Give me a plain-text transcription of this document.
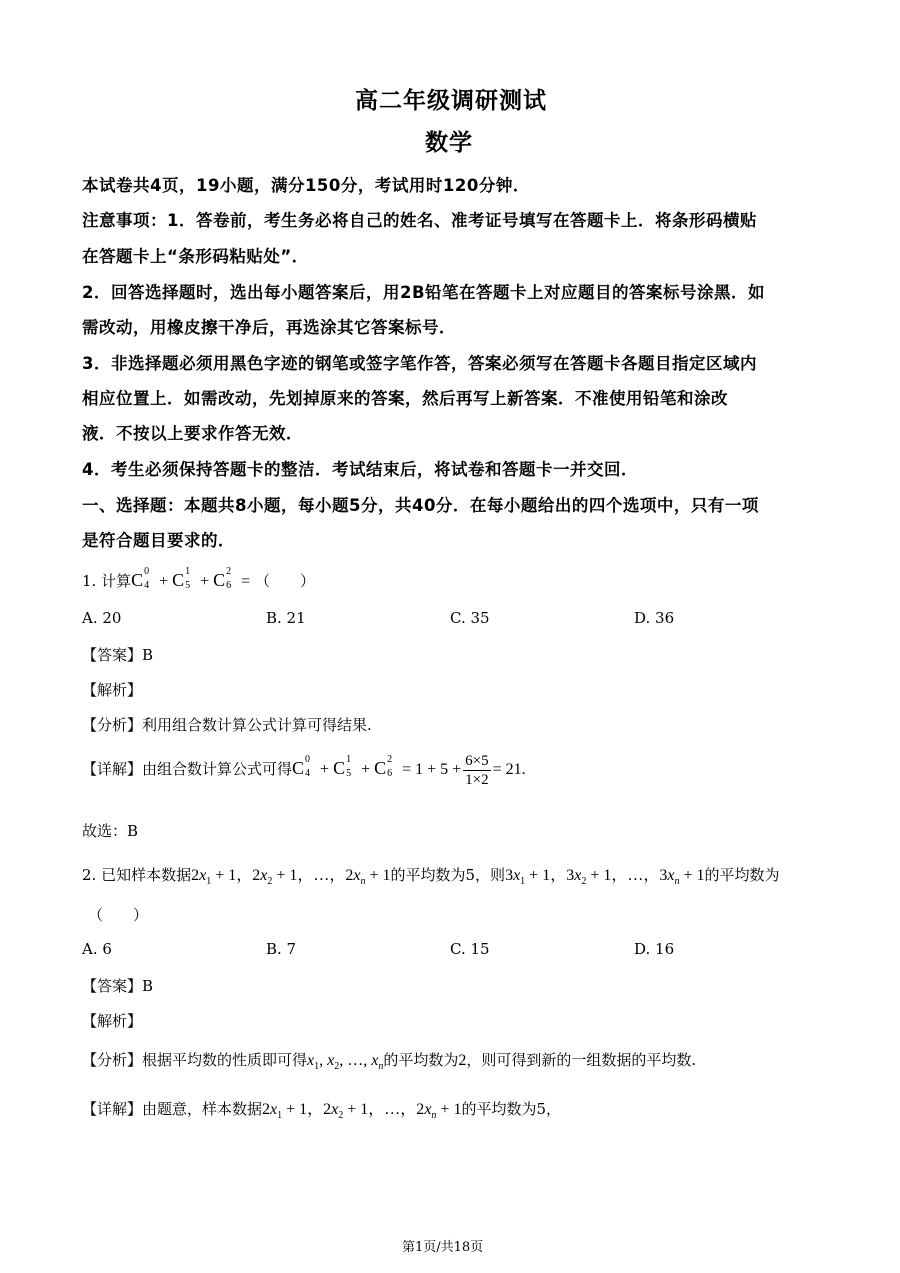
高二年级调研测试
数学
本试卷共4页，19小题，满分150分，考试用时120分钟．
注意事项：1．答卷前，考生务必将自己的姓名、准考证号填写在答题卡上．将条形码横贴
在答题卡上“条形码粘贴处”．
2．回答选择题时，选出每小题答案后，用2B铅笔在答题卡上对应题目的答案标号涂黑．如
需改动，用橡皮擦干净后，再选涂其它答案标号．
3．非选择题必须用黑色字迹的钢笔或签字笔作答，答案必须写在答题卡各题目指定区域内
相应位置上．如需改动，先划掉原来的答案，然后再写上新答案．不准使用铅笔和涂改
液．不按以上要求作答无效．
4．考生必须保持答题卡的整洁．考试结束后，将试卷和答题卡一并交回．
一、选择题：本题共8小题，每小题5分，共40分．在每小题给出的四个选项中，只有一项
是符合题目要求的．
1. 计算 C 0
4 + C 1
5 + C 2
6 = （　　）
A. 20	B. 21	C. 35	D. 36
【答案】B
【解析】
【分析】利用组合数计算公式计算可得结果.
【详解】由组合数计算公式可得 C 0
4 + C 1
5 + C 2
$6 = 1 + 5 + \frac{6\times 5}{1\times 2} = 21$.
故选：B
2. 已知样本数据$2x_1 + 1$，$2x_2 + 1$，…，$2x_n + 1$的平均数为5，则$3x_1 + 1$，$3x_2 + 1$，…，$3x_n + 1$的平均数为
（　　）
A. 6	B. 7	C. 15	D. 16
【答案】B
【解析】
【分析】根据平均数的性质即可得$x_1$, $x_2$, …, $x_n$的平均数为2，则可得到新的一组数据的平均数.
【详解】由题意，样本数据$2x_1 + 1$，$2x_2 + 1$，…，$2x_n + 1$的平均数为5，
第1页/共18页
